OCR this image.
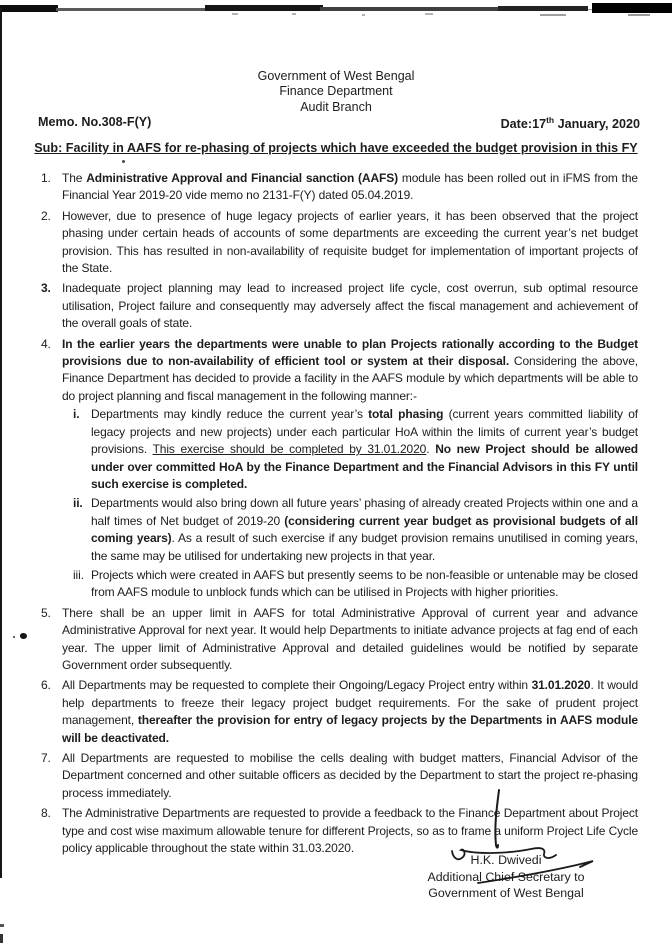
Government of West Bengal
Finance Department
Audit Branch
Memo. No.308-F(Y)	Date:17th January, 2020
Sub: Facility in AAFS for re-phasing of projects which have exceeded the budget provision in this FY
1. The Administrative Approval and Financial sanction (AAFS) module has been rolled out in iFMS from the Financial Year 2019-20 vide memo no 2131-F(Y) dated 05.04.2019.
2. However, due to presence of huge legacy projects of earlier years, it has been observed that the project phasing under certain heads of accounts of some departments are exceeding the current year’s net budget provision. This has resulted in non-availability of requisite budget for implementation of important projects of the State.
3. Inadequate project planning may lead to increased project life cycle, cost overrun, sub optimal resource utilisation, Project failure and consequently may adversely affect the fiscal management and achievement of the overall goals of state.
4. In the earlier years the departments were unable to plan Projects rationally according to the Budget provisions due to non-availability of efficient tool or system at their disposal. Considering the above, Finance Department has decided to provide a facility in the AAFS module by which departments will be able to do project planning and fiscal management in the following manner:-
i. Departments may kindly reduce the current year’s total phasing (current years committed liability of legacy projects and new projects) under each particular HoA within the limits of current year’s budget provisions. This exercise should be completed by 31.01.2020. No new Project should be allowed under over committed HoA by the Finance Department and the Financial Advisors in this FY until such exercise is completed.
ii. Departments would also bring down all future years’ phasing of already created Projects within one and a half times of Net budget of 2019-20 (considering current year budget as provisional budgets of all coming years). As a result of such exercise if any budget provision remains unutilised in coming years, the same may be utilised for undertaking new projects in that year.
iii. Projects which were created in AAFS but presently seems to be non-feasible or untenable may be closed from AAFS module to unblock funds which can be utilised in Projects with higher priorities.
5. There shall be an upper limit in AAFS for total Administrative Approval of current year and advance Administrative Approval for next year. It would help Departments to initiate advance projects at fag end of each year. The upper limit of Administrative Approval and detailed guidelines would be notified by separate Government order subsequently.
6. All Departments may be requested to complete their Ongoing/Legacy Project entry within 31.01.2020. It would help departments to freeze their legacy project budget requirements. For the sake of prudent project management, thereafter the provision for entry of legacy projects by the Departments in AAFS module will be deactivated.
7. All Departments are requested to mobilise the cells dealing with budget matters, Financial Advisor of the Department concerned and other suitable officers as decided by the Department to start the project re-phasing process immediately.
8. The Administrative Departments are requested to provide a feedback to the Finance Department about Project type and cost wise maximum allowable tenure for different Projects, so as to frame a uniform Project Life Cycle policy applicable throughout the state within 31.03.2020.
H.K. Dwivedi
Additional Chief Secretary to
Government of West Bengal
